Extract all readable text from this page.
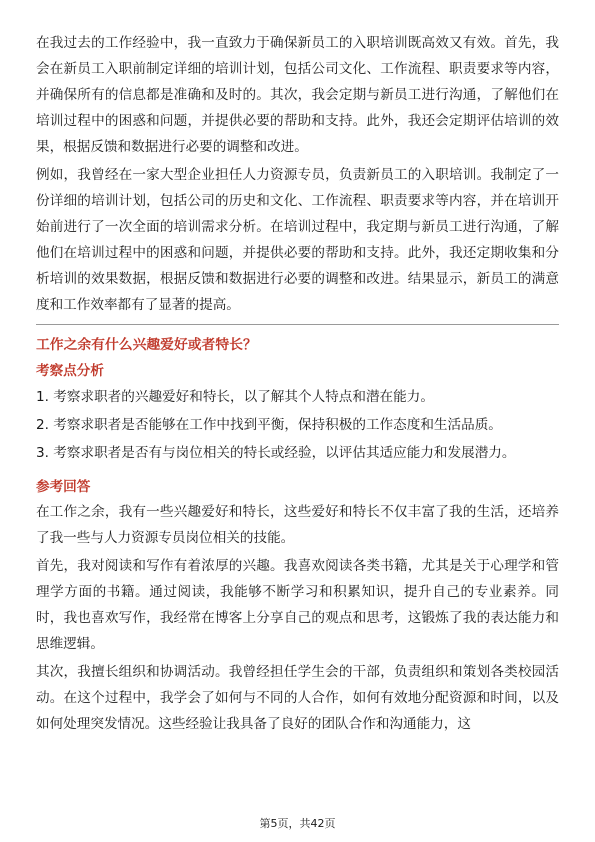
在我过去的工作经验中，我一直致力于确保新员工的入职培训既高效又有效。首先，我会在新员工入职前制定详细的培训计划，包括公司文化、工作流程、职责要求等内容，并确保所有的信息都是准确和及时的。其次，我会定期与新员工进行沟通，了解他们在培训过程中的困惑和问题，并提供必要的帮助和支持。此外，我还会定期评估培训的效果，根据反馈和数据进行必要的调整和改进。

例如，我曾经在一家大型企业担任人力资源专员，负责新员工的入职培训。我制定了一份详细的培训计划，包括公司的历史和文化、工作流程、职责要求等内容，并在培训开始前进行了一次全面的培训需求分析。在培训过程中，我定期与新员工进行沟通，了解他们在培训过程中的困惑和问题，并提供必要的帮助和支持。此外，我还定期收集和分析培训的效果数据，根据反馈和数据进行必要的调整和改进。结果显示，新员工的满意度和工作效率都有了显著的提高。

工作之余有什么兴趣爱好或者特长？

考察点分析

1. 考察求职者的兴趣爱好和特长，以了解其个人特点和潜在能力。

2. 考察求职者是否能够在工作中找到平衡，保持积极的工作态度和生活品质。

3. 考察求职者是否有与岗位相关的特长或经验，以评估其适应能力和发展潜力。

参考回答

在工作之余，我有一些兴趣爱好和特长，这些爱好和特长不仅丰富了我的生活，还培养了我一些与人力资源专员岗位相关的技能。

首先，我对阅读和写作有着浓厚的兴趣。我喜欢阅读各类书籍，尤其是关于心理学和管理学方面的书籍。通过阅读，我能够不断学习和积累知识，提升自己的专业素养。同时，我也喜欢写作，我经常在博客上分享自己的观点和思考，这锻炼了我的表达能力和思维逻辑。

其次，我擅长组织和协调活动。我曾经担任学生会的干部，负责组织和策划各类校园活动。在这个过程中，我学会了如何与不同的人合作，如何有效地分配资源和时间，以及如何处理突发情况。这些经验让我具备了良好的团队合作和沟通能力，这

第5页，共42页
